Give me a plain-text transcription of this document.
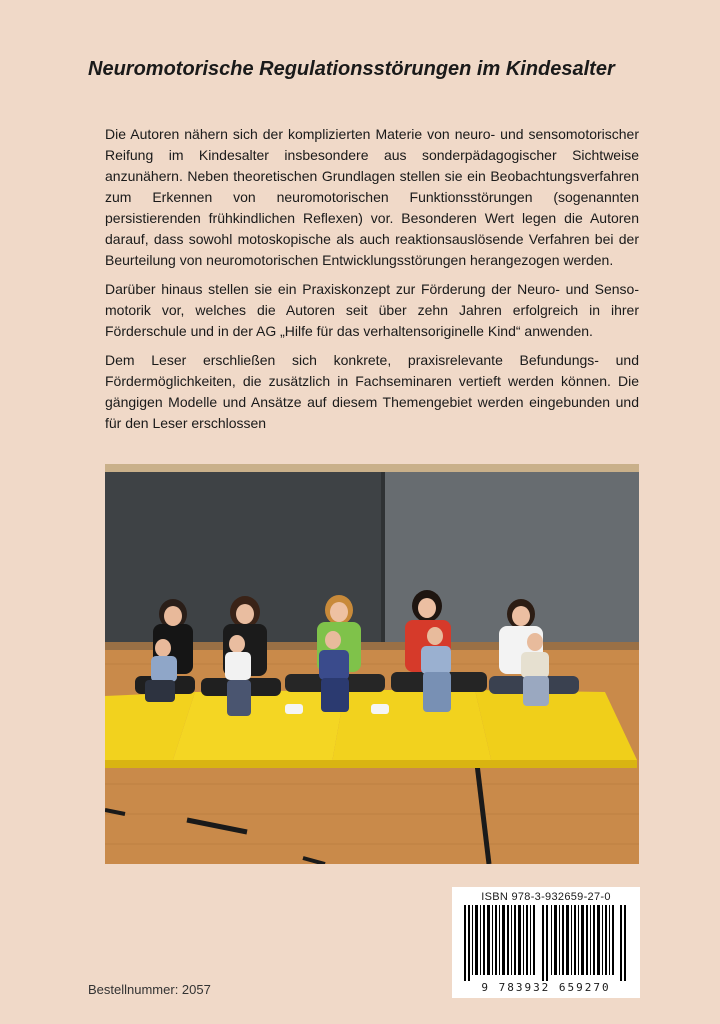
Neuromotorische Regulationsstörungen im Kindesalter

Die Autoren nähern sich der komplizierten Materie von neuro- und sensomotorischer Reifung im Kindesalter insbesondere aus sonderpädagogischer Sichtweise anzunähern. Neben theoretischen Grundlagen stellen sie ein Beobachtungsverfahren zum Erkennen von neuromotorischen Funktionsstörungen (sogenannten persistierenden frühkindlichen Reflexen) vor. Besonderen Wert legen die Autoren darauf, dass sowohl motoskopische als auch reaktionsauslösende Verfahren bei der Beurteilung von neuromotorischen Entwicklungsstörungen herangezogen werden.

Darüber hinaus stellen sie ein Praxiskonzept zur Förderung der Neuro- und Sensomotorik vor, welches die Autoren seit über zehn Jahren erfolgreich in ihrer Förderschule und in der AG „Hilfe für das verhaltensoriginelle Kind“ anwenden.

Dem Leser erschließen sich konkrete, praxisrelevante Befundungs- und Fördermöglichkeiten, die zusätzlich in Fachseminaren vertieft werden können. Die gängigen Modelle und Ansätze auf diesem Themengebiet werden eingebunden und für den Leser erschlossen

ISBN 978-3-932659-27-0
9 783932 659270
Bestellnummer: 2057
